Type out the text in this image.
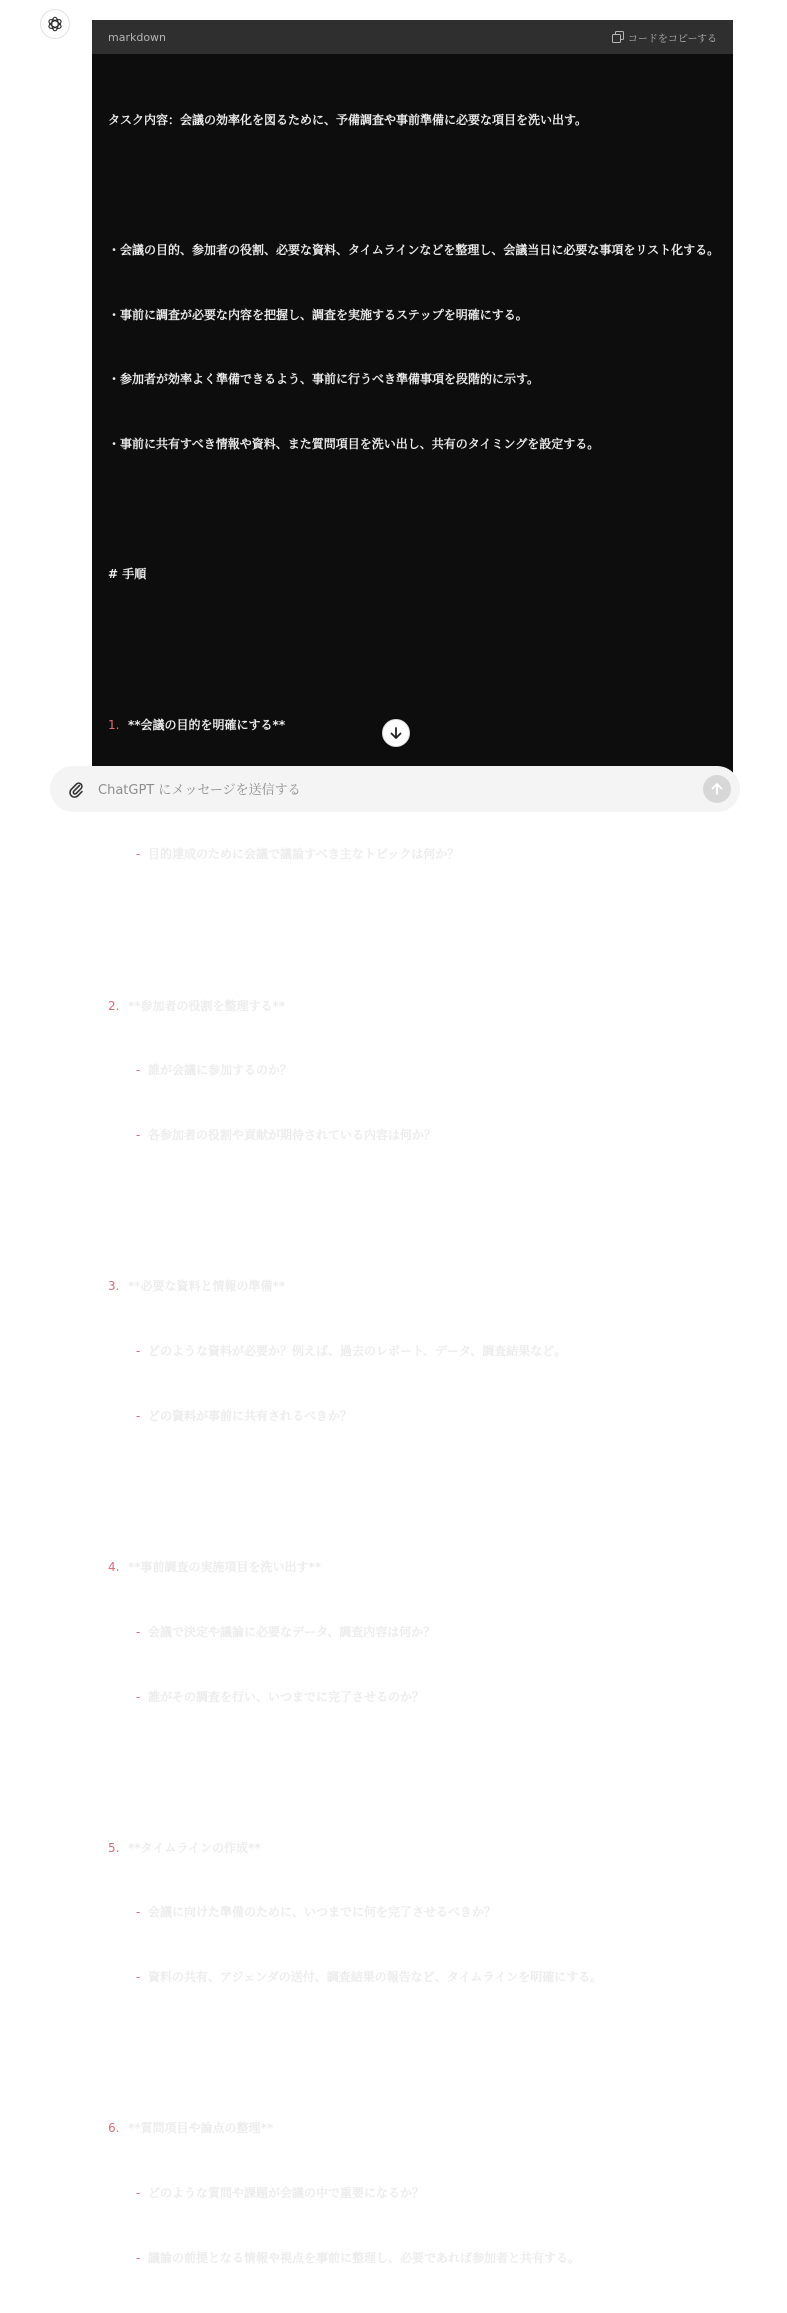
markdown	コードをコピーする

タスク内容：会議の効率化を図るために、予備調査や事前準備に必要な項目を洗い出す。

・会議の目的、参加者の役割、必要な資料、タイムラインなどを整理し、会議当日に必要な事項をリスト化する。

・事前に調査が必要な内容を把握し、調査を実施するステップを明確にする。

・参加者が効率よく準備できるよう、事前に行うべき準備事項を段階的に示す。

・事前に共有すべき情報や資料、また質問項目を洗い出し、共有のタイミングを設定する。

# 手順

1. **会議の目的を明確にする**

- 目的達成のために会議で議論すべき主なトピックは何か？

2. **参加者の役割を整理する**

- 誰が会議に参加するのか？

- 各参加者の役割や貢献が期待されている内容は何か？

3. **必要な資料と情報の準備**

- どのような資料が必要か？例えば、過去のレポート、データ、調査結果など。

- どの資料が事前に共有されるべきか？

4. **事前調査の実施項目を洗い出す**

- 会議で決定や議論に必要なデータ、調査内容は何か？

- 誰がその調査を行い、いつまでに完了させるのか？

5. **タイムラインの作成**

- 会議に向けた準備のために、いつまでに何を完了させるべきか？

- 資料の共有、アジェンダの送付、調査結果の報告など、タイムラインを明確にする。

6. **質問項目や論点の整理**

- どのような質問や課題が会議の中で重要になるか？

- 議論の前提となる情報や視点を事前に整理し、必要であれば参加者と共有する。

ChatGPT にメッセージを送信する
